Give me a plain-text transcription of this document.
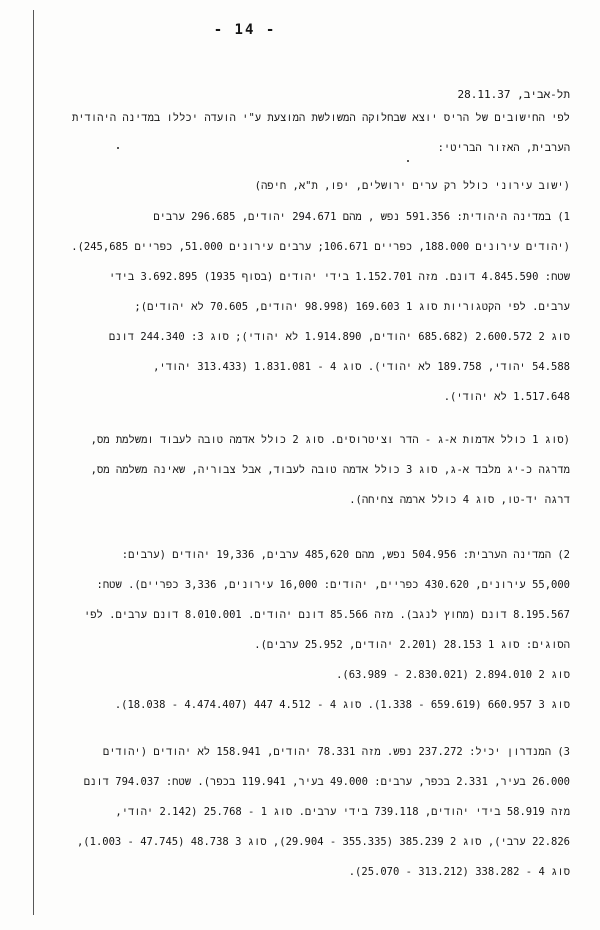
- 14 -
תל-אביב, 28.11.37
לפי החישובים של הריס יוצא שבחלוקה המשולשת המוצעת ע"י הועדה יכללו במדינה היהודית
הערבית, האזור הבריטי:
(ישוב עירוני כולל רק ערים ירושלים, יפו, ת"א, חיפה)
1) במדינה היהודית: 591.356 נפש , מהם 294.671 יהודים, 296.685 ערבים
(יהודים עירונים 188.000, כפריים 106.671; ערבים עירונים 51.000, כפריים 245,685).
שטח: 4.845.590 דונם. מזה 1.152.701 בידי יהודים (בסוף 1935) 3.692.895 בידי
ערבים. לפי הקטגוריות סוג 1 169.603 (98.998 יהודים, 70.605 לא יהודים);
סוג 2 2.600.572 (685.682 יהודים, 1.914.890 לא יהודי); סוג 3: 244.340 דונם
54.588 יהודי, 189.758 לא יהודי). סוג 4 - 1.831.081 (313.433 יהודי,
1.517.648 לא יהודי).
(סוג 1 כולל אדמות א-ג - הדר וציטרוסים. סוג 2 כולל אדמה טובה לעבוד ומשלמת מס,
מדרגה כ-יג מלבד א-ג, סוג 3 כולל אדמה טובה לעבוד, אבל צבוריה, שאינה משלמה מס,
דרגה יד-טו, סוג 4 כולל ארמה צחיחה).
2) המדינה הערבית: 504.956 נפש, מהם 485,620 ערבים, 19,336 יהודים (ערבים:
55,000 עירונים, 430.620 כפריים, יהודים: 16,000 עירונים, 3,336 כפריים). שטח:
8.195.567 דונם (מחוץ לנגב). מזה 85.566 דונם יהודים. 8.010.001 דונם ערבים. לפי
הסוגים: סוג 1 28.153 (2.201 יהודים, 25.952 ערבים).
סוג 2 2.894.010 (2.830.021 - 63.989).
סוג 3 660.957 (659.619 - 1.338). סוג 4 - 4.512 447 (4.474.407 - 18.038).
3) המנדרון יכיל: 237.272 נפש. מזה 78.331 יהודים, 158.941 לא יהודים (יהודים
26.000 בעיר, 2.331 בכפר, ערבים: 49.000 בעיר, 119.941 בכפר). שטח: 794.037 דונם
מזה 58.919 בידי יהודים, 739.118 בידי ערבים. סוג 1 - 25.768 (2.142 יהודי,
22.826 ערבי), סוג 2 385.239 (355.335 - 29.904), סוג 3 48.738 (47.745 - 1.003),
סוג 4 - 338.282 (313.212 - 25.070).
